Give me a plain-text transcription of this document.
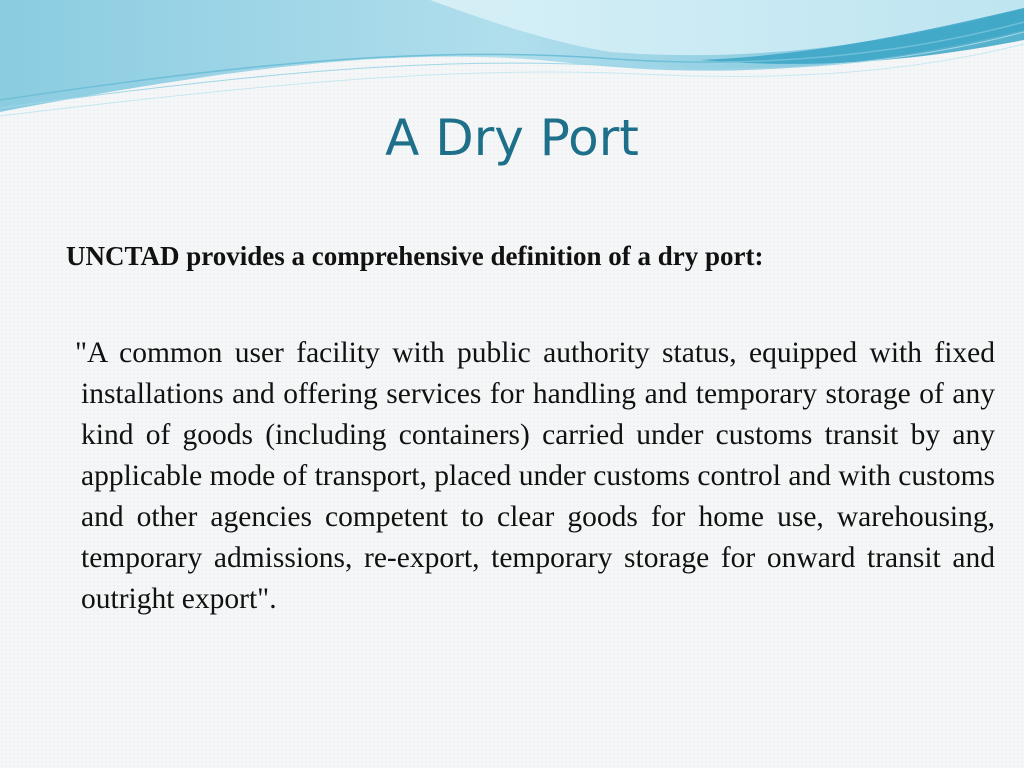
A Dry Port

UNCTAD provides a comprehensive definition of a dry port:

"A common user facility with public authority status, equipped with fixed installations and offering services for handling and temporary storage of any kind of goods (including containers) carried under customs transit by any applicable mode of transport, placed under customs control and with customs and other agencies competent to clear goods for home use, warehousing, temporary admissions, re-export, temporary storage for onward transit and outright export".
